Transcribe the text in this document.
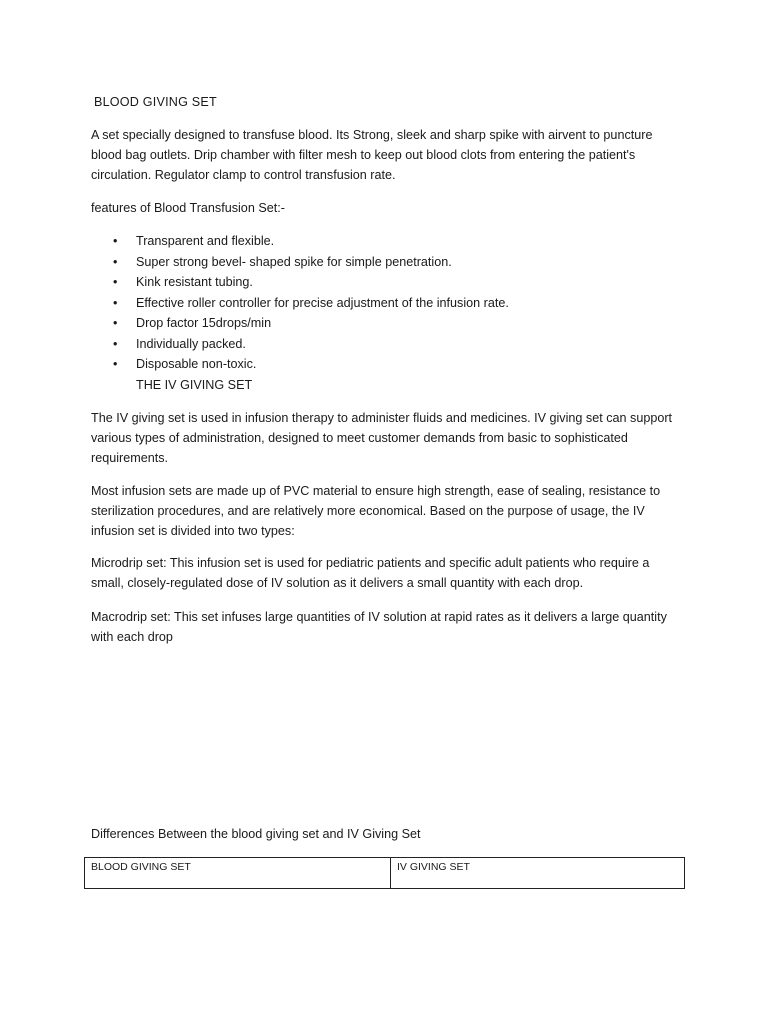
BLOOD GIVING SET

A set specially designed to transfuse blood. Its Strong, sleek and sharp spike with airvent to puncture blood bag outlets. Drip chamber with filter mesh to keep out blood clots from entering the patient's circulation. Regulator clamp to control transfusion rate.

features of Blood Transfusion Set:-

• Transparent and flexible.
• Super strong bevel- shaped spike for simple penetration.
• Kink resistant tubing.
• Effective roller controller for precise adjustment of the infusion rate.
• Drop factor 15drops/min
• Individually packed.
• Disposable non-toxic.
THE IV GIVING SET

The IV giving set is used in infusion therapy to administer fluids and medicines. IV giving set can support various types of administration, designed to meet customer demands from basic to sophisticated requirements.

Most infusion sets are made up of PVC material to ensure high strength, ease of sealing, resistance to sterilization procedures, and are relatively more economical. Based on the purpose of usage, the IV infusion set is divided into two types:

Microdrip set: This infusion set is used for pediatric patients and specific adult patients who require a small, closely-regulated dose of IV solution as it delivers a small quantity with each drop.

Macrodrip set: This set infuses large quantities of IV solution at rapid rates as it delivers a large quantity with each drop

Differences Between the blood giving set and IV Giving Set

BLOOD GIVING SET	IV GIVING SET
